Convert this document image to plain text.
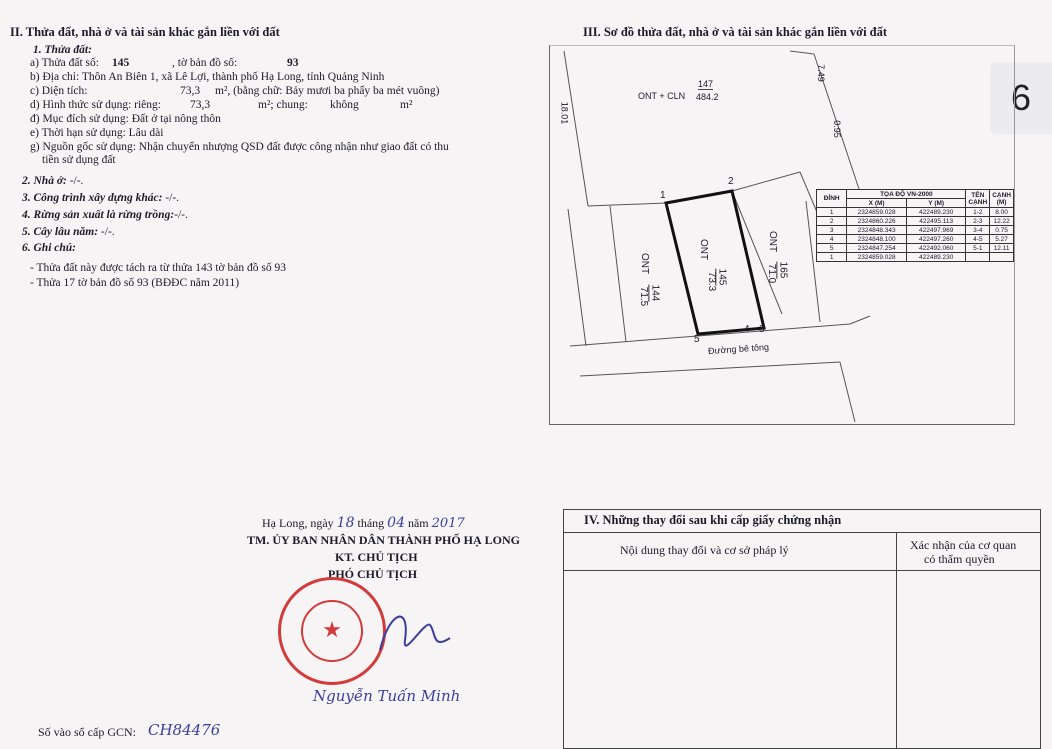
II. Thửa đất, nhà ở và tài sản khác gắn liền với đất
1. Thửa đất:
a) Thửa đất số: 145	, tờ bản đồ số:	93
b) Địa chỉ: Thôn An Biên 1, xã Lê Lợi, thành phố Hạ Long, tỉnh Quảng Ninh
c) Diện tích:	73,3 m², (bằng chữ: Bảy mươi ba phẩy ba mét vuông)
d) Hình thức sử dụng: riêng:	73,3	m²; chung: không	m²
đ) Mục đích sử dụng: Đất ở tại nông thôn
e) Thời hạn sử dụng: Lâu dài
g) Nguồn gốc sử dụng: Nhận chuyển nhượng QSD đất được công nhận như giao đất có thu
tiền sử dụng đất
2. Nhà ở: -/-.
3. Công trình xây dựng khác: -/-.
4. Rừng sản xuất là rừng trồng:-/-.
5. Cây lâu năm: -/-.
6. Ghi chú:
- Thửa đất này được tách ra từ thửa 143 tờ bản đồ số 93
- Thửa 17 tờ bản đồ số 93 (BĐĐC năm 2011)
III. Sơ đồ thửa đất, nhà ở và tài sản khác gắn liền với đất
6
ONT + CLN
147
484.2
18.01
7.49
0.95
ONT
145
73.3
ONT
144
71.5
ONT
165
71.0
Đường bê tông
1
2
3
4
5
ĐỈNH	TỌA ĐỘ VN-2000		TÊN CẠNH	CẠNH (M)
	X (M)	Y (M)		
1	2324859.028	422489.230	1-2	8.00
2	2324860.226	422495.113	2-3	12.22
3	2324848.343	422497.969	3-4	0.75
4	2324848.100	422497.260	4-5	5.27
5	2324847.254	422492.060	5-1	12.11
1	2324859.028	422489.230		
Hạ Long, ngày 18 tháng 04 năm 2017
TM. ỦY BAN NHÂN DÂN THÀNH PHỐ HẠ LONG
KT. CHỦ TỊCH
PHÓ CHỦ TỊCH
★
Nguyễn Tuấn Minh
Số vào sổ cấp GCN: CH84476
IV. Những thay đổi sau khi cấp giấy chứng nhận
Nội dung thay đổi và cơ sở pháp lý	Xác nhận của cơ quan
có thẩm quyền
